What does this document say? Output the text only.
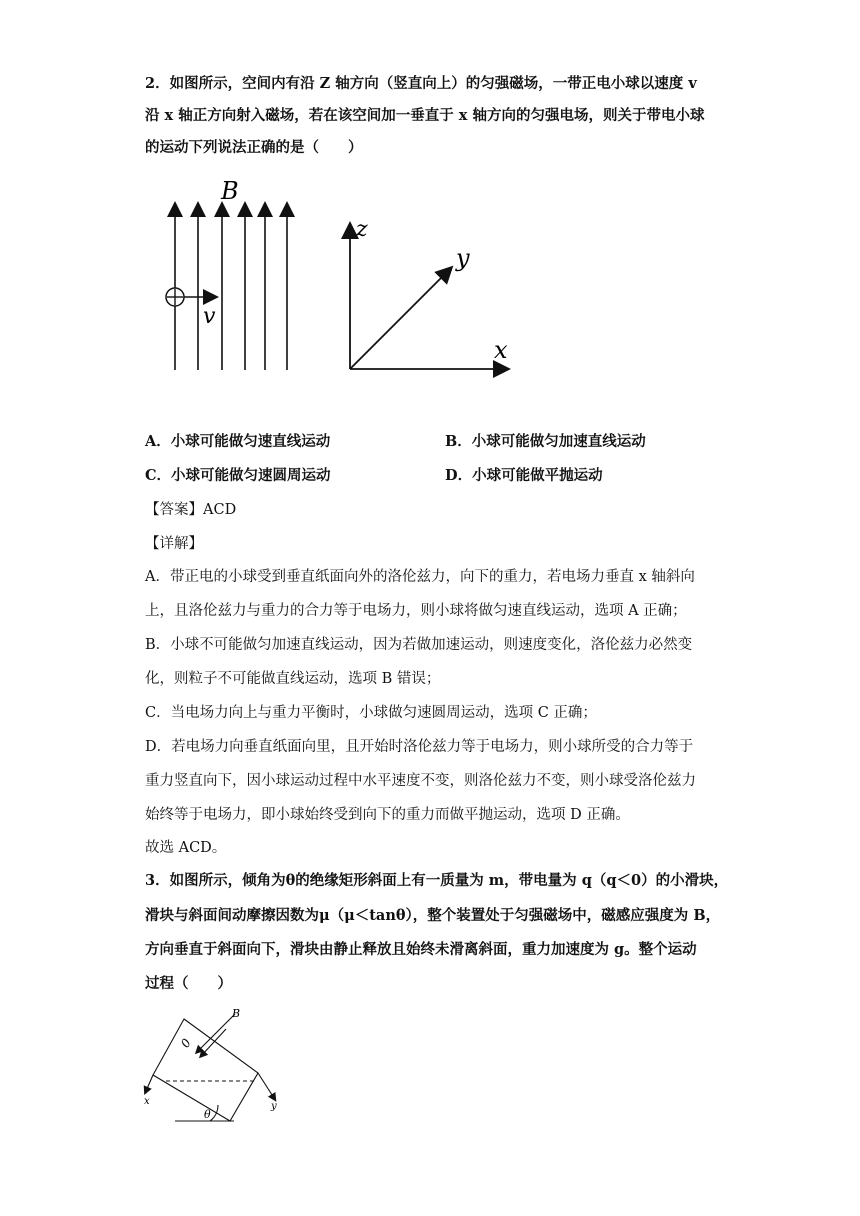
2．如图所示，空间内有沿 Z 轴方向（竖直向上）的匀强磁场，一带正电小球以速度 v
沿 x 轴正方向射入磁场，若在该空间加一垂直于 x 轴方向的匀强电场，则关于带电小球
的运动下列说法正确的是（　　）
B
v
z
y
x
A．小球可能做匀速直线运动	B．小球可能做匀加速直线运动
C．小球可能做匀速圆周运动	D．小球可能做平抛运动
【答案】ACD
【详解】
A．带正电的小球受到垂直纸面向外的洛伦兹力，向下的重力，若电场力垂直 x 轴斜向
上，且洛伦兹力与重力的合力等于电场力，则小球将做匀速直线运动，选项 A 正确；
B．小球不可能做匀加速直线运动，因为若做加速运动，则速度变化，洛伦兹力必然变
化，则粒子不可能做直线运动，选项 B 错误；
C．当电场力向上与重力平衡时，小球做匀速圆周运动，选项 C 正确；
D．若电场力向垂直纸面向里，且开始时洛伦兹力等于电场力，则小球所受的合力等于
重力竖直向下，因小球运动过程中水平速度不变，则洛伦兹力不变，则小球受洛伦兹力
始终等于电场力，即小球始终受到向下的重力而做平抛运动，选项 D 正确。
故选 ACD。
3．如图所示，倾角为θ的绝缘矩形斜面上有一质量为 m，带电量为 q（q＜0）的小滑块，
滑块与斜面间动摩擦因数为μ（μ＜tanθ），整个装置处于匀强磁场中，磁感应强度为 B，
方向垂直于斜面向下，滑块由静止释放且始终未滑离斜面，重力加速度为 g。整个运动
过程（　　）
B
0
θ
x	y
